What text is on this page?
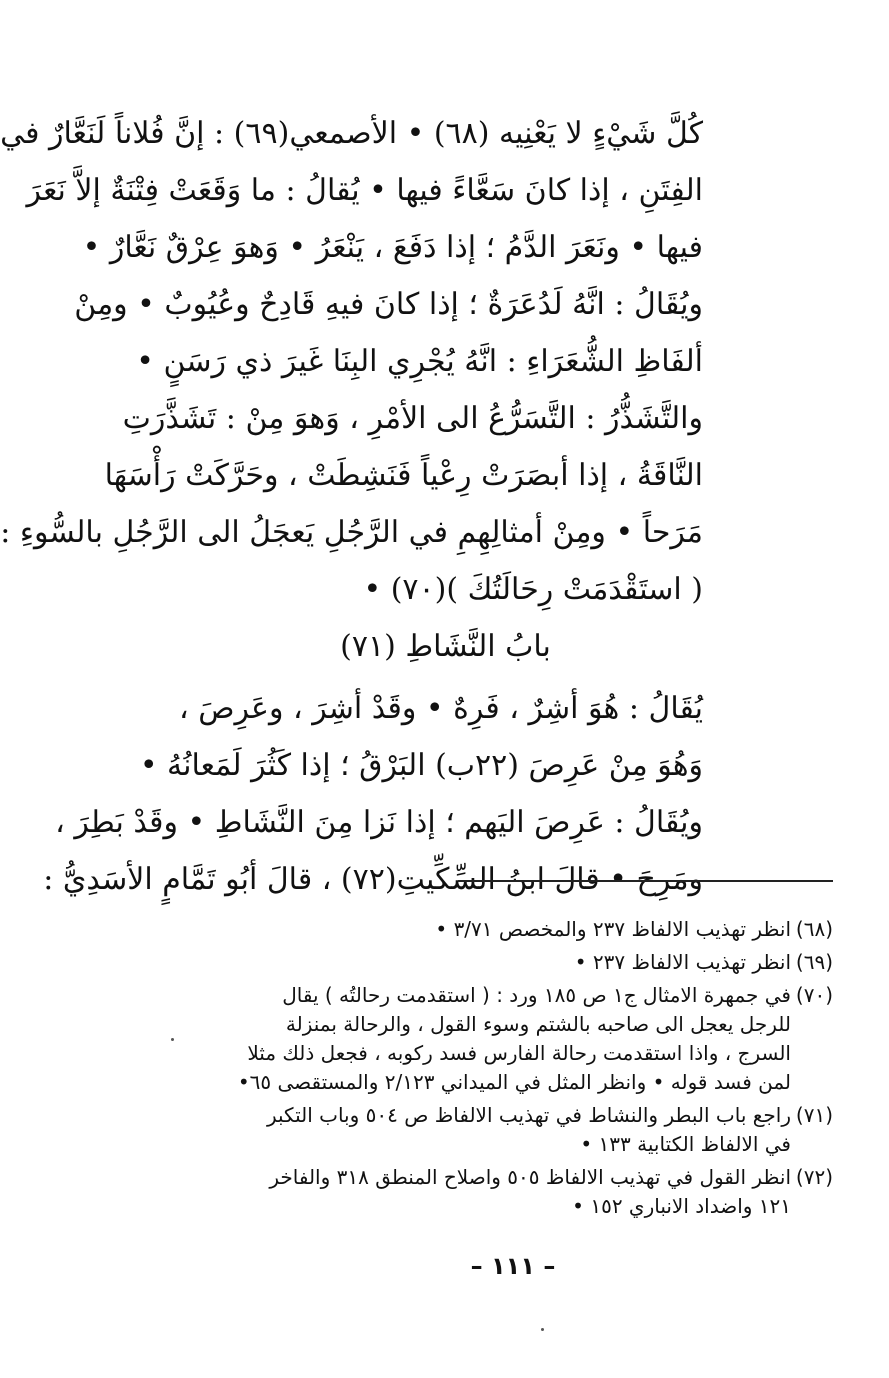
كُلَّ شَيْءٍ لا يَعْنِيه (٦٨) • الأصمعي(٦٩) : إنَّ فُلاناً لَنَعَّارٌ في
الفِتَنِ ، إذا كانَ سَعَّاءً فيها • يُقالُ : ما وَقَعَتْ فِتْنَةٌ إلاَّ نَعَرَ
فيها • ونَعَرَ الدَّمُ ؛ إذا دَفَعَ ، يَنْعَرُ • وَهوَ عِرْقٌ نَعَّارٌ •
ويُقَالُ : انَّهُ لَدُعَرَةٌ ؛ إذا كانَ فيهِ قَادِحٌ وعُيُوبٌ • ومِنْ
ألفَاظِ الشُّعَرَاءِ : انَّهُ يُجْرِي البِنَا غَيرَ ذي رَسَنٍ •
والتَّشَذُّرُ : التَّسَرُّعُ الى الأمْرِ ، وَهوَ مِنْ : تَشَذَّرَتِ
النَّاقَةُ ، إذا أبصَرَتْ رِعْياً فَنَشِطَتْ ، وحَرَّكَتْ رَأْسَهَا
مَرَحاً • ومِنْ أمثالِهِمِ في الرَّجُلِ يَعجَلُ الى الرَّجُلِ بالسُّوءِ :
( استَقْدَمَتْ رِحَالَتُكَ )(٧٠) •
بابُ النَّشَاطِ (٧١)
يُقَالُ : هُوَ أشِرٌ ، فَرِهٌ • وقَدْ أشِرَ ، وعَرِصَ ،
وَهُوَ مِنْ عَرِصَ (٢٢ب) البَرْقُ ؛ إذا كَثُرَ لَمَعانُهُ •
ويُقَالُ : عَرِصَ اليَهم ؛ إذا نَزا مِنَ النَّشَاطِ • وقَدْ بَطِرَ ،
ومَرِحَ • قالَ ابنُ السِّكِّيتِ(٧٢) ، قالَ أبُو تَمَّامٍ الأسَدِيُّ :
(٦٨)
انظر تهذيب الالفاظ ٢٣٧ والمخصص ٣/٧١ •
(٦٩)
انظر تهذيب الالفاظ ٢٣٧ •
(٧٠)
في جمهرة الامثال ج١ ص ١٨٥ ورد : ( استقدمت رحالتُه ) يقال
للرجل يعجل الى صاحبه بالشتم وسوء القول ، والرحالة بمنزلة
السرج ، واذا استقدمت رحالة الفارس فسد ركوبه ، فجعل ذلك مثلا
لمن فسد قوله • وانظر المثل في الميداني ٢/١٢٣ والمستقصى ٦٥•
(٧١)
راجع باب البطر والنشاط في تهذيب الالفاظ ص ٥٠٤ وباب التكبر
في الالفاظ الكتابية ١٣٣ •
(٧٢)
انظر القول في تهذيب الالفاظ ٥٠٥ واصلاح المنطق ٣١٨ والفاخر
١٢١ واضداد الانباري ١٥٢ •
– ١١١ –
